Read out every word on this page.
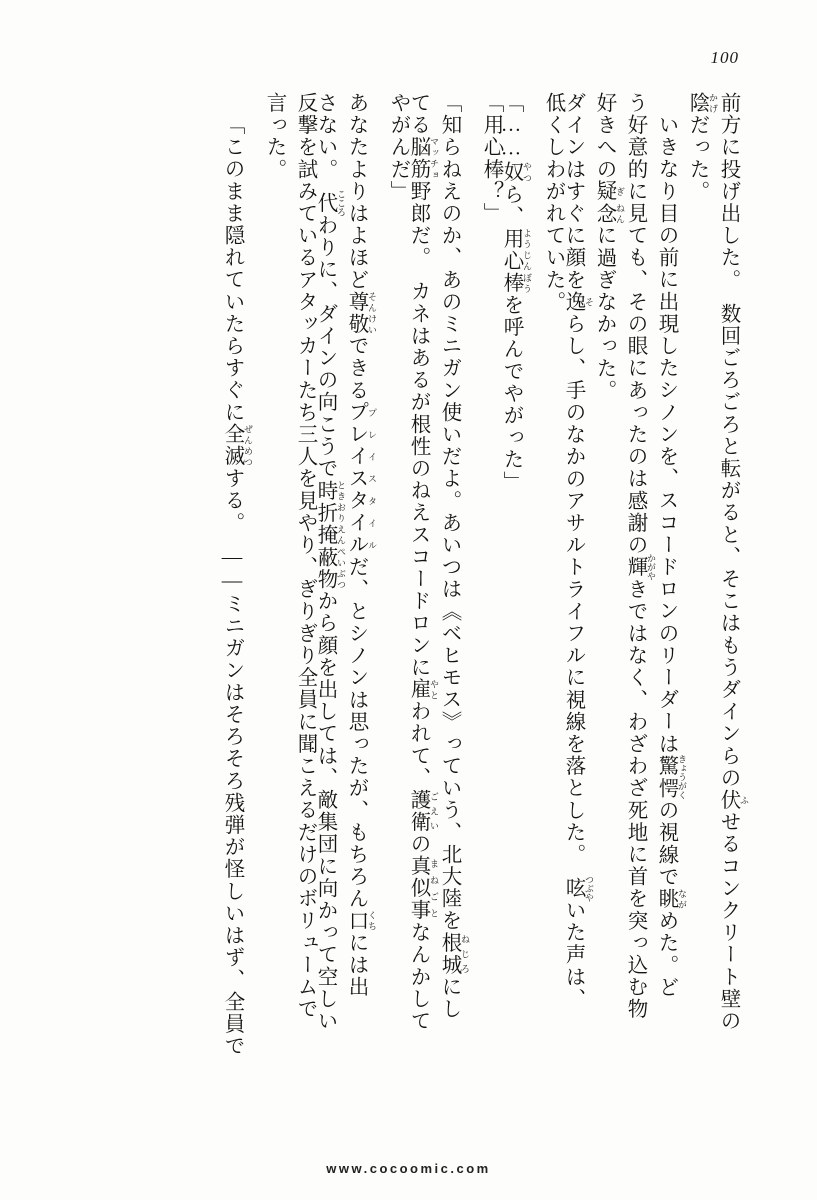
100
前方に投げ出した。　数回ごろごろと転がると、そこはもうダインらの伏 ふせるコンクリート壁の
陰 かげだった。
いきなり目の前に出現したシノンを、スコードロンのリーダーは驚愕 きょうがくの視線で眺 ながめた。ど
う好意的に見ても、その眼にあったのは感謝の輝 かがやきではなく、わざわざ死地に首を突っ込む物
好きへの疑 ぎ念 ねんに過ぎなかった。
ダインはすぐに顔を逸 そらし、手のなかのアサルトライフルに視線を落とした。　呟 つぶやいた声は、
低くしわがれていた。
「……奴 やつら、用心棒 ようじんぼうを呼んでやがった」
「用心棒？」
「知らねえのか、あのミニガン使いだよ。あいつは《ベヒモス》っていう、北大陸を根城 ねじろにし
てる脳筋 マッチョ野郎だ。　カネはあるが根性のねえスコードロンに雇 やとわれて、護衛 ごえいの真似事 まねごとなんかして
やがんだ」
あなたよりはよほど尊敬 そんけいできるプレイスタイル プレイスタイルだ、とシノンは思ったが、もちろん口 くちには出
さない。　代 こころわりに、ダインの向こうで時折掩蔽物 ときおりえんぺいぶつから顔を出しては、敵集団に向かって空しい
反撃を試みているアタッカーたち三人を見やり、ぎりぎり全員に聞こえるだけのボリュームで
言った。
「このまま隠れていたらすぐに全滅 ぜんめつする。　——ミニガンはそろそろ残弾が怪しいはず、全員で
www.cocoomic.com
